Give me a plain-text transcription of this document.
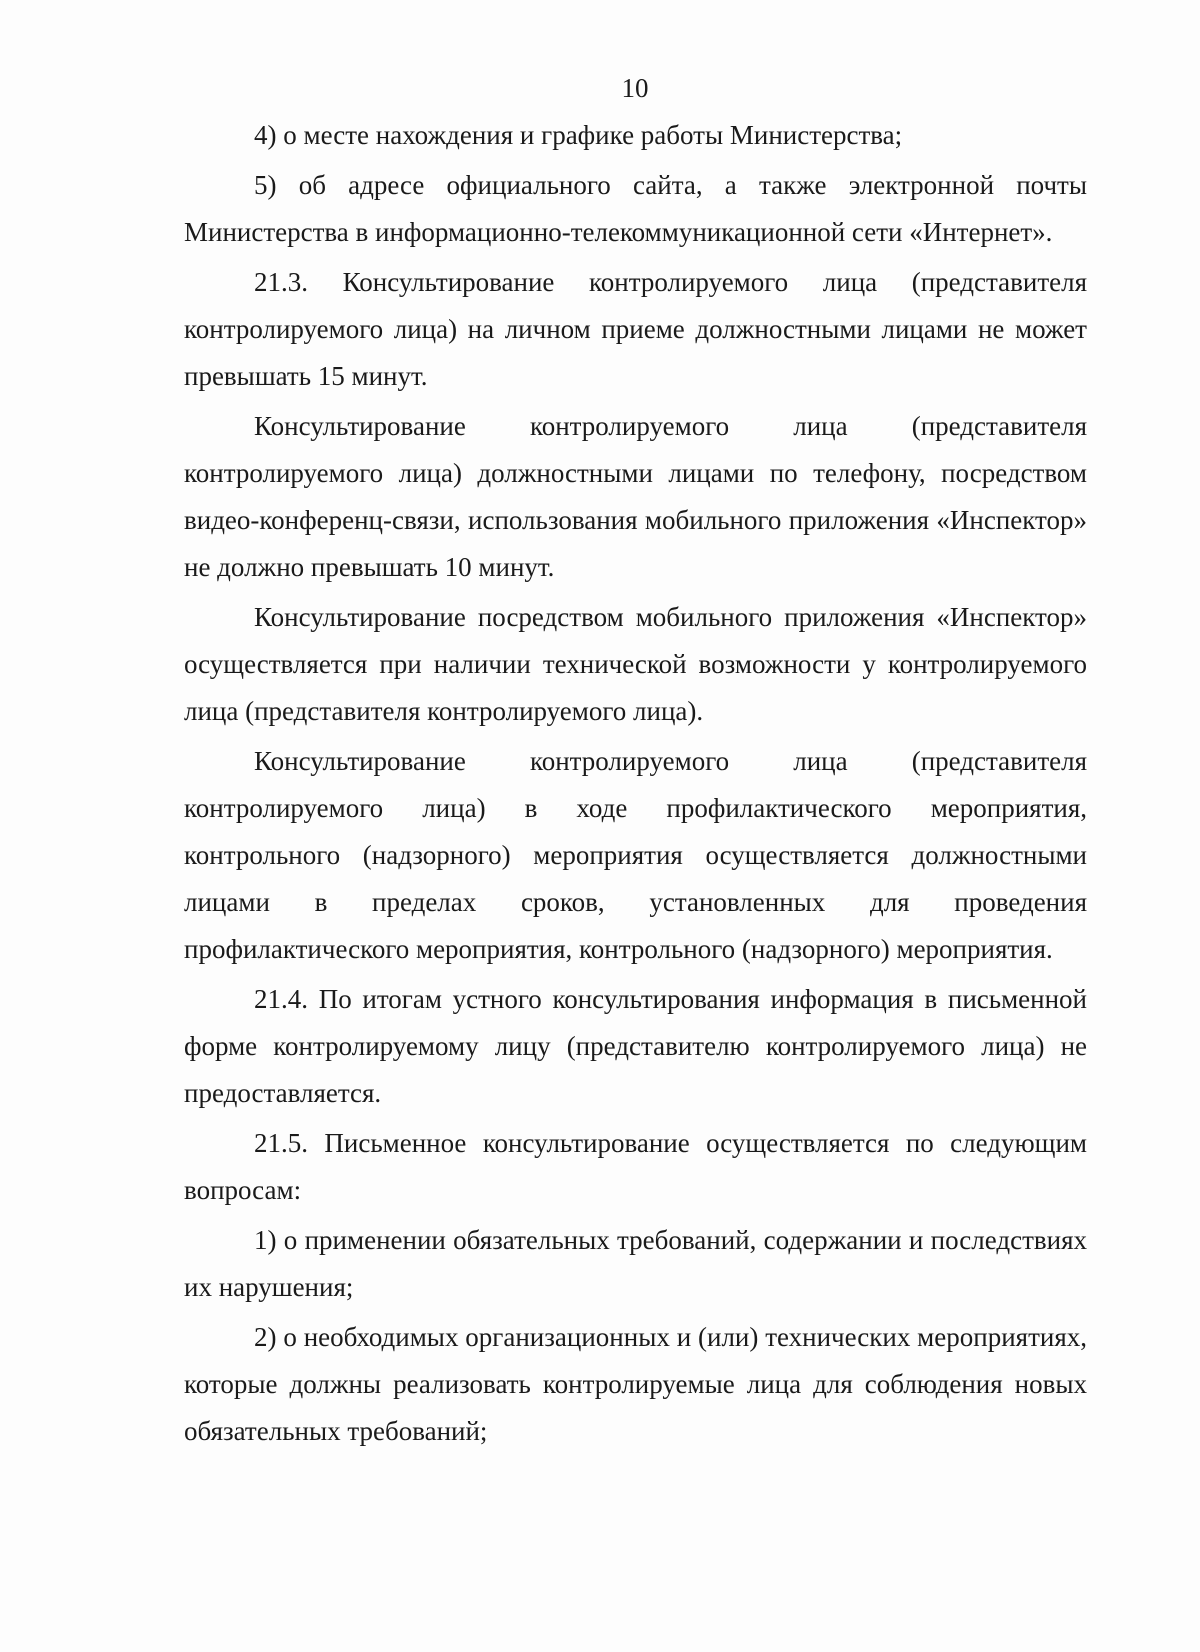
10

4) о месте нахождения и графике работы Министерства;

5) об адресе официального сайта, а также электронной почты Министерства в информационно-телекоммуникационной сети «Интернет».

21.3. Консультирование контролируемого лица (представителя контролируемого лица) на личном приеме должностными лицами не может превышать 15 минут.

Консультирование контролируемого лица (представителя контролируемого лица) должностными лицами по телефону, посредством видео-конференц-связи, использования мобильного приложения «Инспектор» не должно превышать 10 минут.

Консультирование посредством мобильного приложения «Инспектор» осуществляется при наличии технической возможности у контролируемого лица (представителя контролируемого лица).

Консультирование контролируемого лица (представителя контролируемого лица) в ходе профилактического мероприятия, контрольного (надзорного) мероприятия осуществляется должностными лицами в пределах сроков, установленных для проведения профилактического мероприятия, контрольного (надзорного) мероприятия.

21.4. По итогам устного консультирования информация в письменной форме контролируемому лицу (представителю контролируемого лица) не предоставляется.

21.5. Письменное консультирование осуществляется по следующим вопросам:

1) о применении обязательных требований, содержании и последствиях их нарушения;

2) о необходимых организационных и (или) технических мероприятиях, которые должны реализовать контролируемые лица для соблюдения новых обязательных требований;
